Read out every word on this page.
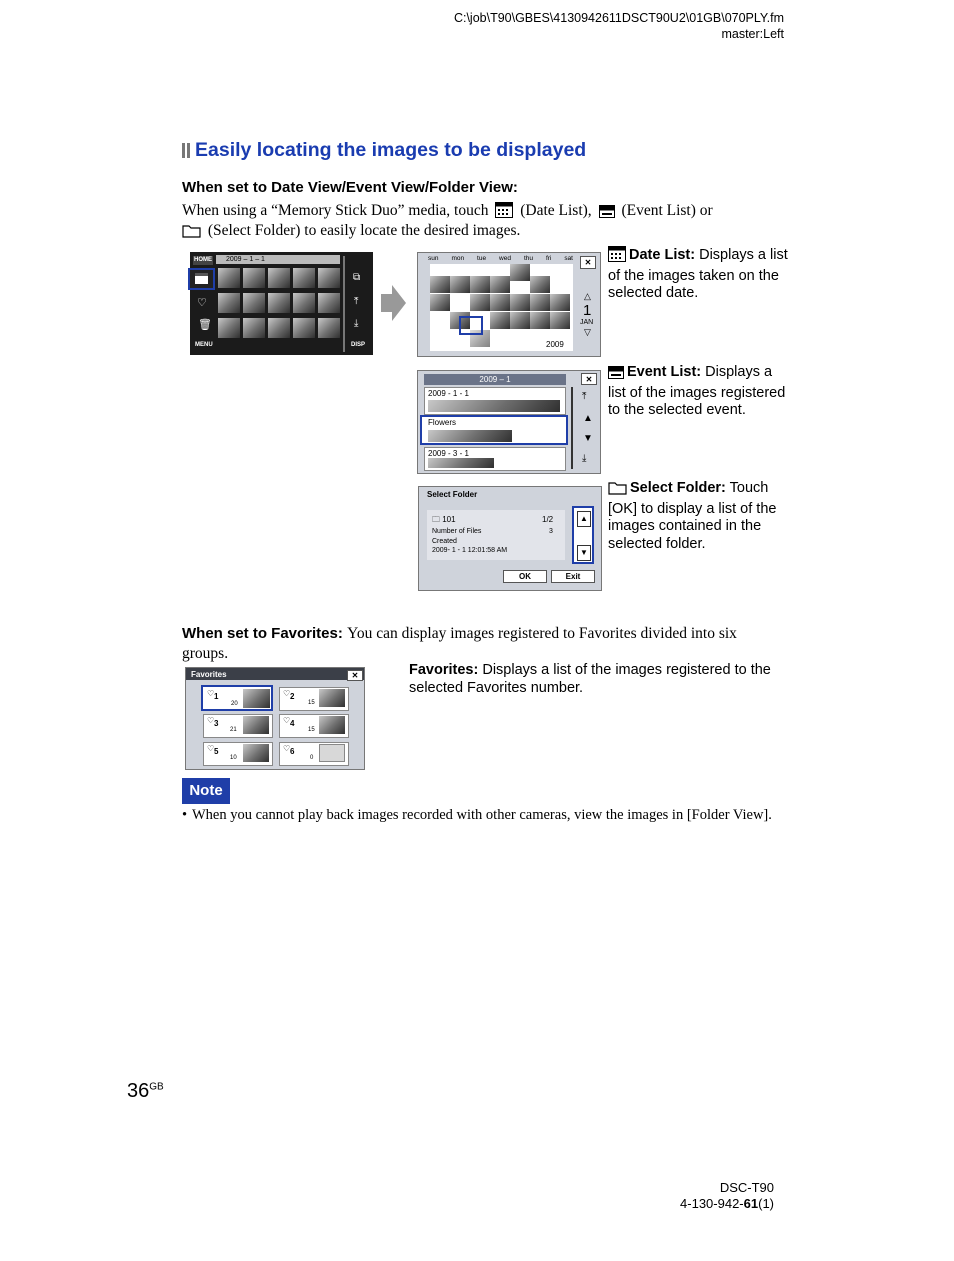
C:\job\T90\GBES\4130942611DSCT90U2\01GB\070PLY.fm
master:Left
Easily locating the images to be displayed
When set to Date View/Event View/Folder View:
When using a “Memory Stick Duo” media, touch (Date List), (Event List) or
(Select Folder) to easily locate the desired images.
HOME	2009 – 1 – 1
♡
🗑
MENU
⧉
⤒
⤓
DISP
sun mon tue wed thu fri sat	✕
△
1
JAN
▽
2009
Date List: Displays a list of the images taken on the selected date.
2009 – 1	✕
2009 - 1 - 1
Flowers
2009 - 3 - 1
⤒
▲
▼
⤓
Event List: Displays a list of the images registered to the selected event.
Select Folder
🗀 101	1/2
Number of Files	3
Created
2009- 1 - 1 12:01:58 AM
▲
▼
OK	Exit
Select Folder: Touch [OK] to display a list of the images contained in the selected folder.
When set to Favorites: You can display images registered to Favorites divided into six groups.
Favorites	✕
♡ 1
20
♡ 2
15
♡ 3
21
♡ 4
15
♡ 5
10
♡ 6
0
Favorites: Displays a list of the images registered to the selected Favorites number.
Note
• When you cannot play back images recorded with other cameras, view the images in [Folder View].
$36^{GB}$
DSC-T90
4-130-942-61(1)
